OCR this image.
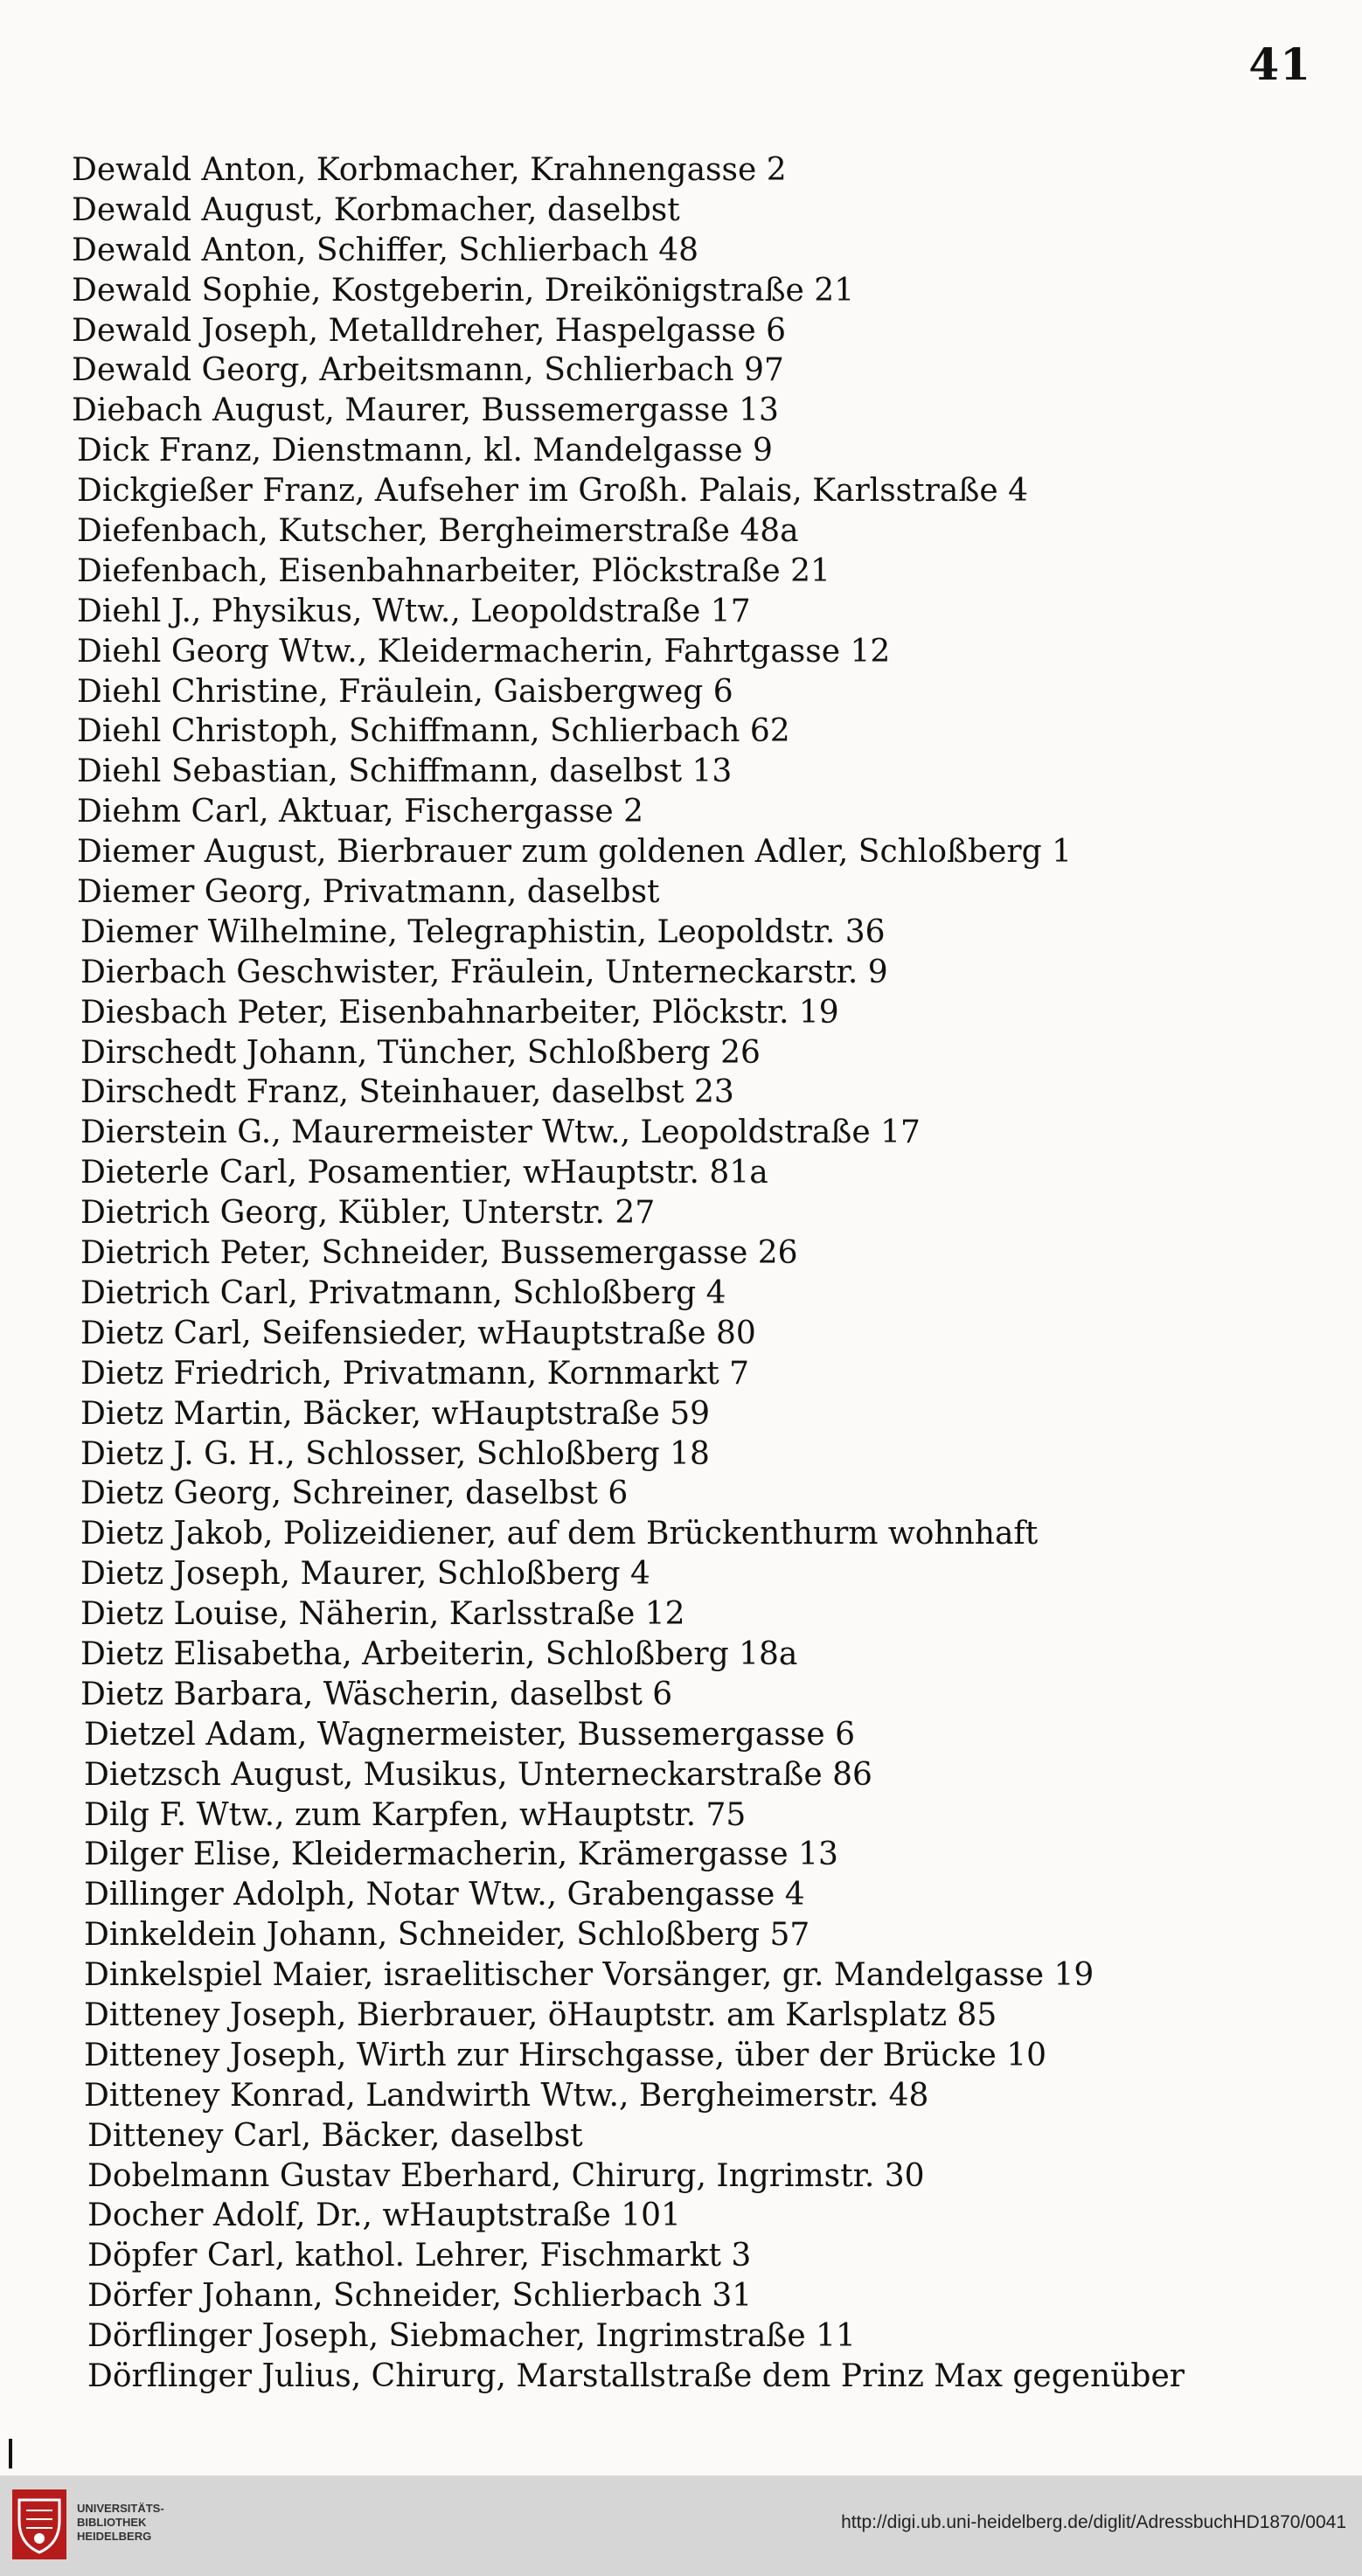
41
Dewald Anton, Korbmacher, Krahnengasse 2
Dewald August, Korbmacher, daselbst
Dewald Anton, Schiffer, Schlierbach 48
Dewald Sophie, Kostgeberin, Dreikönigstraße 21
Dewald Joseph, Metalldreher, Haspelgasse 6
Dewald Georg, Arbeitsmann, Schlierbach 97
Diebach August, Maurer, Bussemergasse 13
Dick Franz, Dienstmann, kl. Mandelgasse 9
Dickgießer Franz, Aufseher im Großh. Palais, Karlsstraße 4
Diefenbach, Kutscher, Bergheimerstraße 48a
Diefenbach, Eisenbahnarbeiter, Plöckstraße 21
Diehl J., Physikus, Wtw., Leopoldstraße 17
Diehl Georg Wtw., Kleidermacherin, Fahrtgasse 12
Diehl Christine, Fräulein, Gaisbergweg 6
Diehl Christoph, Schiffmann, Schlierbach 62
Diehl Sebastian, Schiffmann, daselbst 13
Diehm Carl, Aktuar, Fischergasse 2
Diemer August, Bierbrauer zum goldenen Adler, Schloßberg 1
Diemer Georg, Privatmann, daselbst
Diemer Wilhelmine, Telegraphistin, Leopoldstr. 36
Dierbach Geschwister, Fräulein, Unterneckarstr. 9
Diesbach Peter, Eisenbahnarbeiter, Plöckstr. 19
Dirschedt Johann, Tüncher, Schloßberg 26
Dirschedt Franz, Steinhauer, daselbst 23
Dierstein G., Maurermeister Wtw., Leopoldstraße 17
Dieterle Carl, Posamentier, wHauptstr. 81a
Dietrich Georg, Kübler, Unterstr. 27
Dietrich Peter, Schneider, Bussemergasse 26
Dietrich Carl, Privatmann, Schloßberg 4
Dietz Carl, Seifensieder, wHauptstraße 80
Dietz Friedrich, Privatmann, Kornmarkt 7
Dietz Martin, Bäcker, wHauptstraße 59
Dietz J. G. H., Schlosser, Schloßberg 18
Dietz Georg, Schreiner, daselbst 6
Dietz Jakob, Polizeidiener, auf dem Brückenthurm wohnhaft
Dietz Joseph, Maurer, Schloßberg 4
Dietz Louise, Näherin, Karlsstraße 12
Dietz Elisabetha, Arbeiterin, Schloßberg 18a
Dietz Barbara, Wäscherin, daselbst 6
Dietzel Adam, Wagnermeister, Bussemergasse 6
Dietzsch August, Musikus, Unterneckarstraße 86
Dilg F. Wtw., zum Karpfen, wHauptstr. 75
Dilger Elise, Kleidermacherin, Krämergasse 13
Dillinger Adolph, Notar Wtw., Grabengasse 4
Dinkeldein Johann, Schneider, Schloßberg 57
Dinkelspiel Maier, israelitischer Vorsänger, gr. Mandelgasse 19
Ditteney Joseph, Bierbrauer, öHauptstr. am Karlsplatz 85
Ditteney Joseph, Wirth zur Hirschgasse, über der Brücke 10
Ditteney Konrad, Landwirth Wtw., Bergheimerstr. 48
Ditteney Carl, Bäcker, daselbst
Dobelmann Gustav Eberhard, Chirurg, Ingrimstr. 30
Docher Adolf, Dr., wHauptstraße 101
Döpfer Carl, kathol. Lehrer, Fischmarkt 3
Dörfer Johann, Schneider, Schlierbach 31
Dörflinger Joseph, Siebmacher, Ingrimstraße 11
Dörflinger Julius, Chirurg, Marstallstraße dem Prinz Max gegenüber
UNIVERSITÄTS-
BIBLIOTHEK
HEIDELBERG
http://digi.ub.uni-heidelberg.de/diglit/AdressbuchHD1870/0041
